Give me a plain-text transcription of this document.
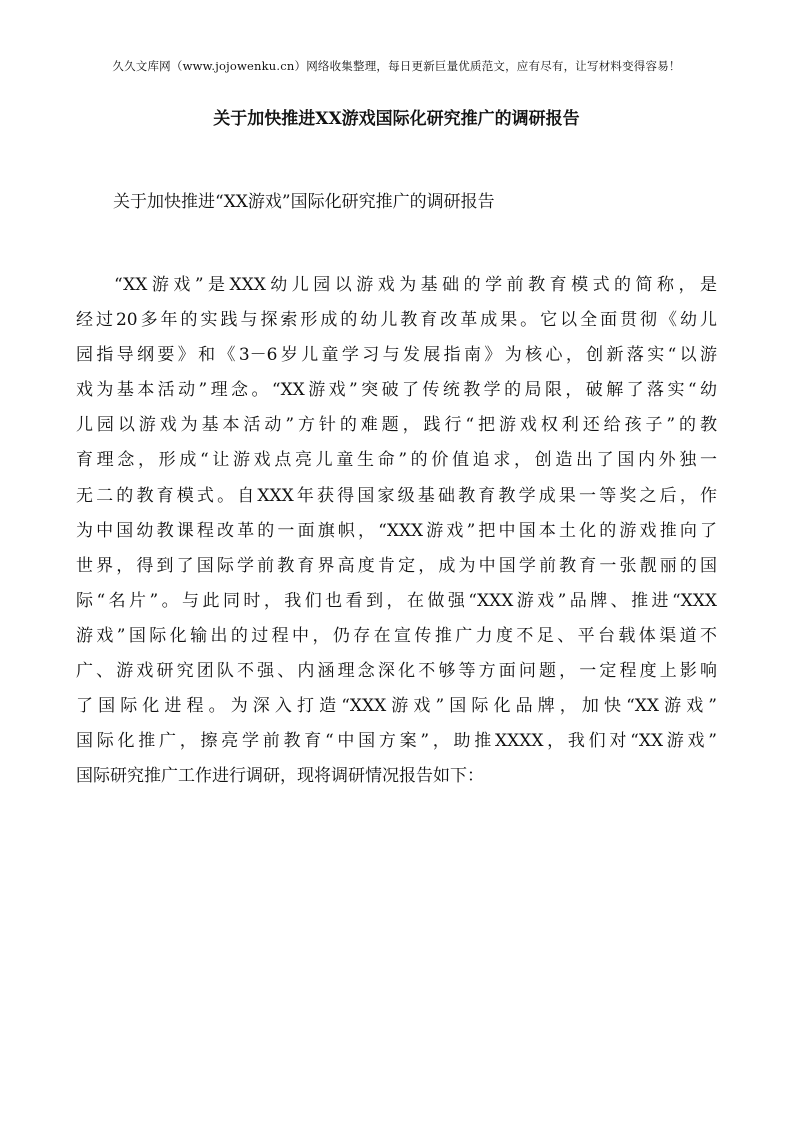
久久文库网（www.jojowenku.cn）网络收集整理，每日更新巨量优质范文，应有尽有，让写材料变得容易！
关于加快推进XX游戏国际化研究推广的调研报告
关于加快推进“XX游戏”国际化研究推广的调研报告
“XX游戏”是XXX幼儿园以游戏为基础的学前教育模式的简称，是
经过20多年的实践与探索形成的幼儿教育改革成果。它以全面贯彻《幼儿
园指导纲要》和《3－6岁儿童学习与发展指南》为核心，创新落实“以游
戏为基本活动”理念。“XX游戏”突破了传统教学的局限，破解了落实“幼
儿园以游戏为基本活动”方针的难题，践行“把游戏权利还给孩子”的教
育理念，形成“让游戏点亮儿童生命”的价值追求，创造出了国内外独一
无二的教育模式。自XXX年获得国家级基础教育教学成果一等奖之后，作
为中国幼教课程改革的一面旗帜，“XXX游戏”把中国本土化的游戏推向了
世界，得到了国际学前教育界高度肯定，成为中国学前教育一张靓丽的国
际“名片”。与此同时，我们也看到，在做强“XXX游戏”品牌、推进“XXX
游戏”国际化输出的过程中，仍存在宣传推广力度不足、平台载体渠道不
广、游戏研究团队不强、内涵理念深化不够等方面问题，一定程度上影响
了国际化进程。为深入打造“XXX游戏”国际化品牌，加快“XX游戏”
国际化推广，擦亮学前教育“中国方案”，助推XXXX，我们对“XX游戏”
国际研究推广工作进行调研，现将调研情况报告如下：
